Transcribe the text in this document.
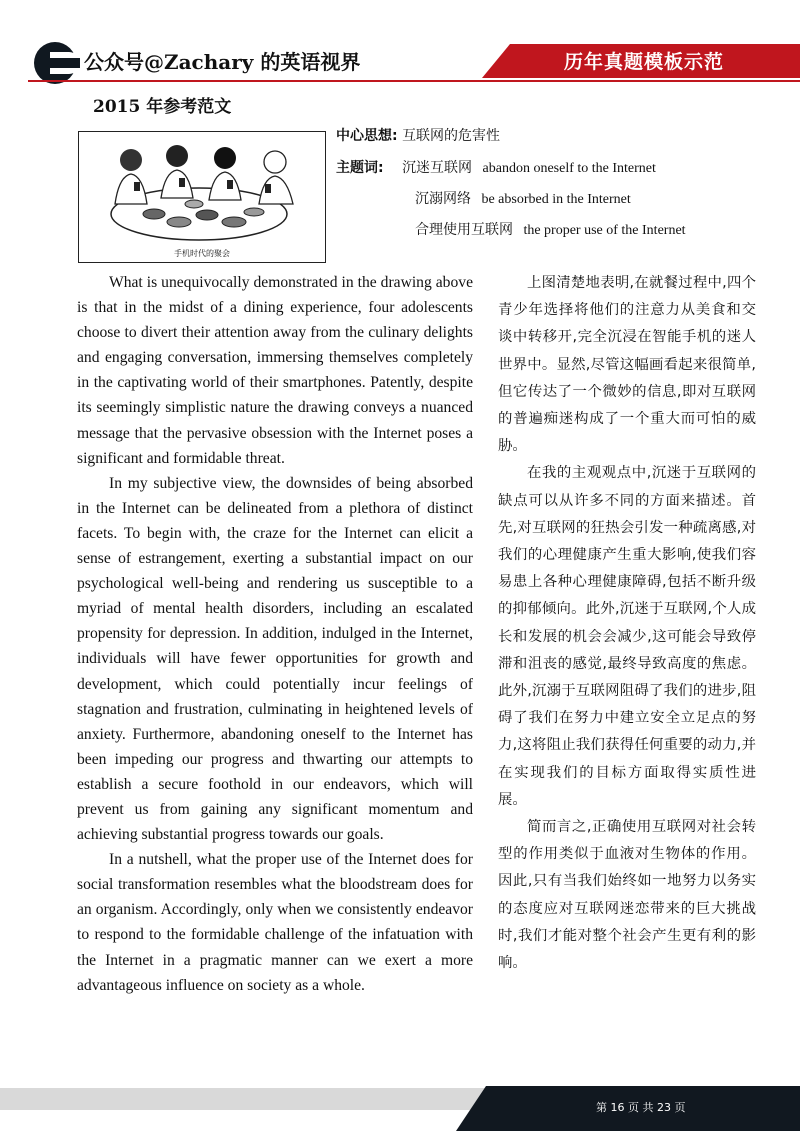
公众号@Zachary 的英语视界	历年真题模板示范
2015 年参考范文
手机时代的聚会
中心思想: 互联网的危害性
主题词: 沉迷互联网 abandon oneself to the Internet
沉溺网络 be absorbed in the Internet
合理使用互联网 the proper use of the Internet

What is unequivocally demonstrated in the drawing above is that in the midst of a dining experience, four adolescents choose to divert their attention away from the culinary delights and engaging conversation, immersing themselves completely in the captivating world of their smartphones. Patently, despite its seemingly simplistic nature the drawing conveys a nuanced message that the pervasive obsession with the Internet poses a significant and formidable threat.

In my subjective view, the downsides of being absorbed in the Internet can be delineated from a plethora of distinct facets. To begin with, the craze for the Internet can elicit a sense of estrangement, exerting a substantial impact on our psychological well-being and rendering us susceptible to a myriad of mental health disorders, including an escalated propensity for depression. In addition, indulged in the Internet, individuals will have fewer opportunities for growth and development, which could potentially incur feelings of stagnation and frustration, culminating in heightened levels of anxiety. Furthermore, abandoning oneself to the Internet has been impeding our progress and thwarting our attempts to establish a secure foothold in our endeavors, which will prevent us from gaining any significant momentum and achieving substantial progress towards our goals.

In a nutshell, what the proper use of the Internet does for social transformation resembles what the bloodstream does for an organism. Accordingly, only when we consistently endeavor to respond to the formidable challenge of the infatuation with the Internet in a pragmatic manner can we exert a more advantageous influence on society as a whole.

上图清楚地表明,在就餐过程中,四个青少年选择将他们的注意力从美食和交谈中转移开,完全沉浸在智能手机的迷人世界中。显然,尽管这幅画看起来很简单,但它传达了一个微妙的信息,即对互联网的普遍痴迷构成了一个重大而可怕的威胁。

在我的主观观点中,沉迷于互联网的缺点可以从许多不同的方面来描述。首先,对互联网的狂热会引发一种疏离感,对我们的心理健康产生重大影响,使我们容易患上各种心理健康障碍,包括不断升级的抑郁倾向。此外,沉迷于互联网,个人成长和发展的机会会减少,这可能会导致停滞和沮丧的感觉,最终导致高度的焦虑。此外,沉溺于互联网阻碍了我们的进步,阻碍了我们在努力中建立安全立足点的努力,这将阻止我们获得任何重要的动力,并在实现我们的目标方面取得实质性进展。

简而言之,正确使用互联网对社会转型的作用类似于血液对生物体的作用。因此,只有当我们始终如一地努力以务实的态度应对互联网迷恋带来的巨大挑战时,我们才能对整个社会产生更有利的影响。

第 16 页 共 23 页
